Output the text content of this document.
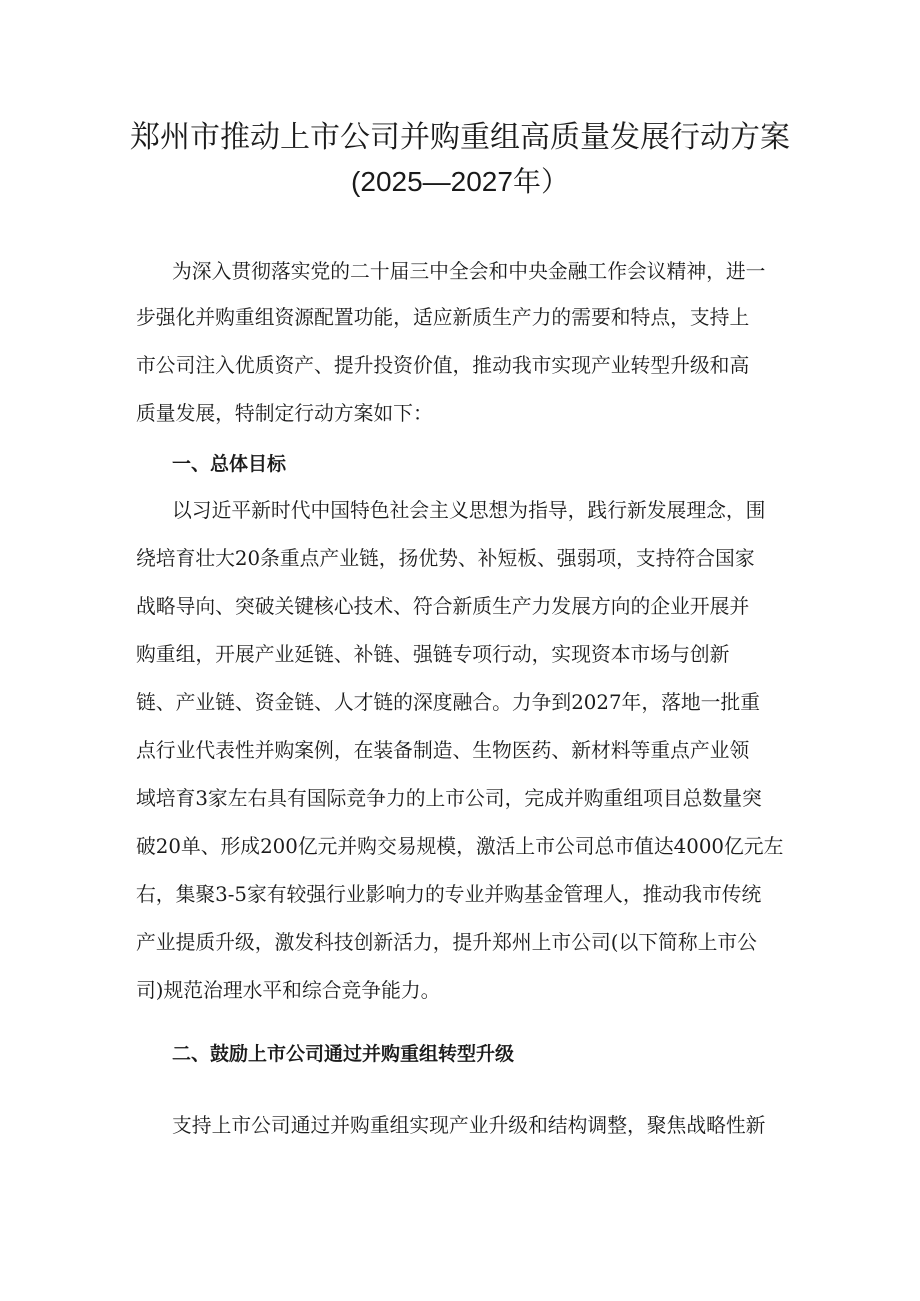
郑州市推动上市公司并购重组高质量发展行动方案
(2025—2027年）
为深入贯彻落实党的二十届三中全会和中央金融工作会议精神，进一
步强化并购重组资源配置功能，适应新质生产力的需要和特点，支持上
市公司注入优质资产、提升投资价值，推动我市实现产业转型升级和高
质量发展，特制定行动方案如下：
一、总体目标
以习近平新时代中国特色社会主义思想为指导，践行新发展理念，围
绕培育壮大20条重点产业链，扬优势、补短板、强弱项，支持符合国家
战略导向、突破关键核心技术、符合新质生产力发展方向的企业开展并
购重组，开展产业延链、补链、强链专项行动，实现资本市场与创新
链、产业链、资金链、人才链的深度融合。力争到2027年，落地一批重
点行业代表性并购案例，在装备制造、生物医药、新材料等重点产业领
域培育3家左右具有国际竞争力的上市公司，完成并购重组项目总数量突
破20单、形成200亿元并购交易规模，激活上市公司总市值达4000亿元左
右，集聚3-5家有较强行业影响力的专业并购基金管理人，推动我市传统
产业提质升级，激发科技创新活力，提升郑州上市公司(以下简称上市公
司)规范治理水平和综合竞争能力。
二、鼓励上市公司通过并购重组转型升级
支持上市公司通过并购重组实现产业升级和结构调整，聚焦战略性新
